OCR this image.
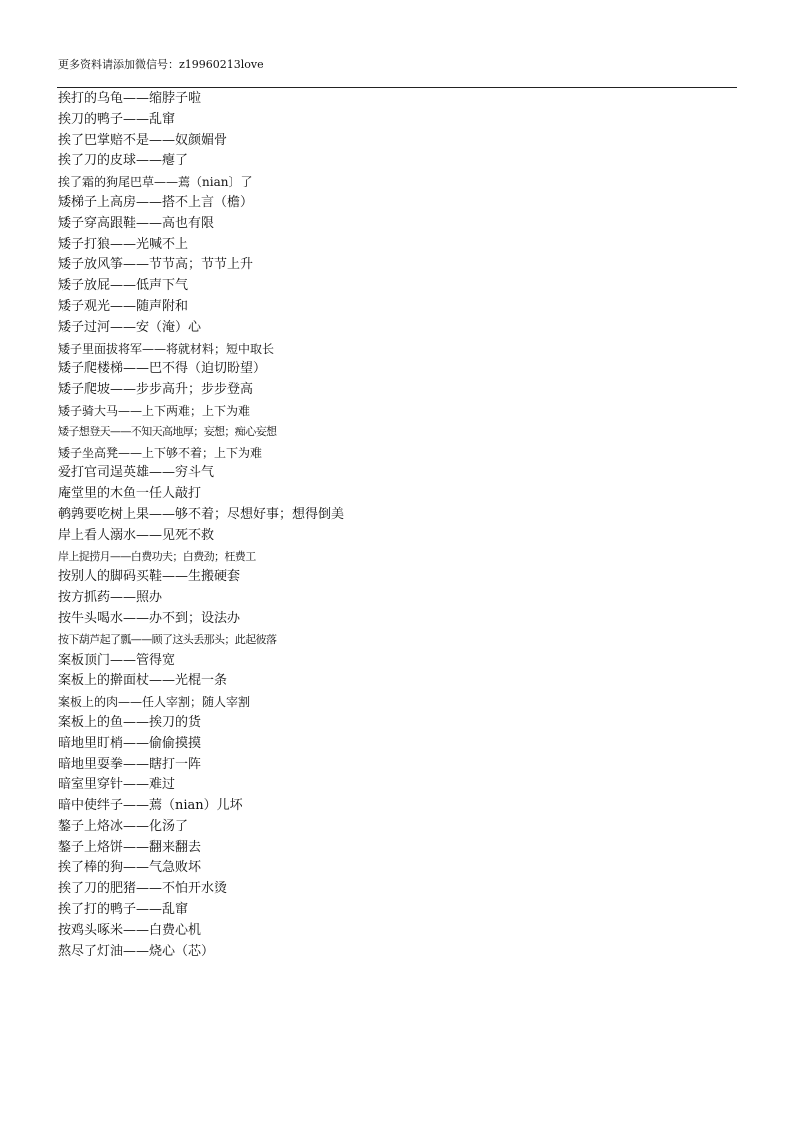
更多资料请添加微信号：z19960213love
挨打的乌龟——缩脖子啦
挨刀的鸭子——乱窜
挨了巴掌赔不是——奴颜媚骨
挨了刀的皮球——瘪了
挨了霜的狗尾巴草——蔫（nian〕了
矮梯子上高房——搭不上言（檐）
矮子穿高跟鞋——高也有限
矮子打狼——光喊不上
矮子放风筝——节节高；节节上升
矮子放屁——低声下气
矮子观光——随声附和
矮子过河——安（淹）心
矮子里面拔将军——将就材料；短中取长
矮子爬楼梯——巴不得（迫切盼望）
矮子爬坡——步步高升；步步登高
矮子骑大马——上下两难；上下为难
矮子想登天——不知天高地厚；妄想；痴心妄想
矮子坐高凳——上下够不着；上下为难
爱打官司逞英雄——穷斗气
庵堂里的木鱼一任人敲打
鹌鹑要吃树上果——够不着；尽想好事；想得倒美
岸上看人溺水——见死不救
岸上捉捞月——白费功夫；白费劲；枉费工
按别人的脚码买鞋——生搬硬套
按方抓药——照办
按牛头喝水——办不到；设法办
按下葫芦起了瓢——顾了这头丢那头；此起彼落
案板顶门——管得宽
案板上的擀面杖——光棍一条
案板上的肉——任人宰割；随人宰割
案板上的鱼——挨刀的货
暗地里盯梢——偷偷摸摸
暗地里耍拳——瞎打一阵
暗室里穿针——难过
暗中使绊子——蔫（nian）儿坏
鏊子上烙冰——化汤了
鏊子上烙饼——翻来翻去
挨了棒的狗——气急败坏
挨了刀的肥猪——不怕开水烫
挨了打的鸭子——乱窜
按鸡头啄米——白费心机
熬尽了灯油——烧心（芯）
